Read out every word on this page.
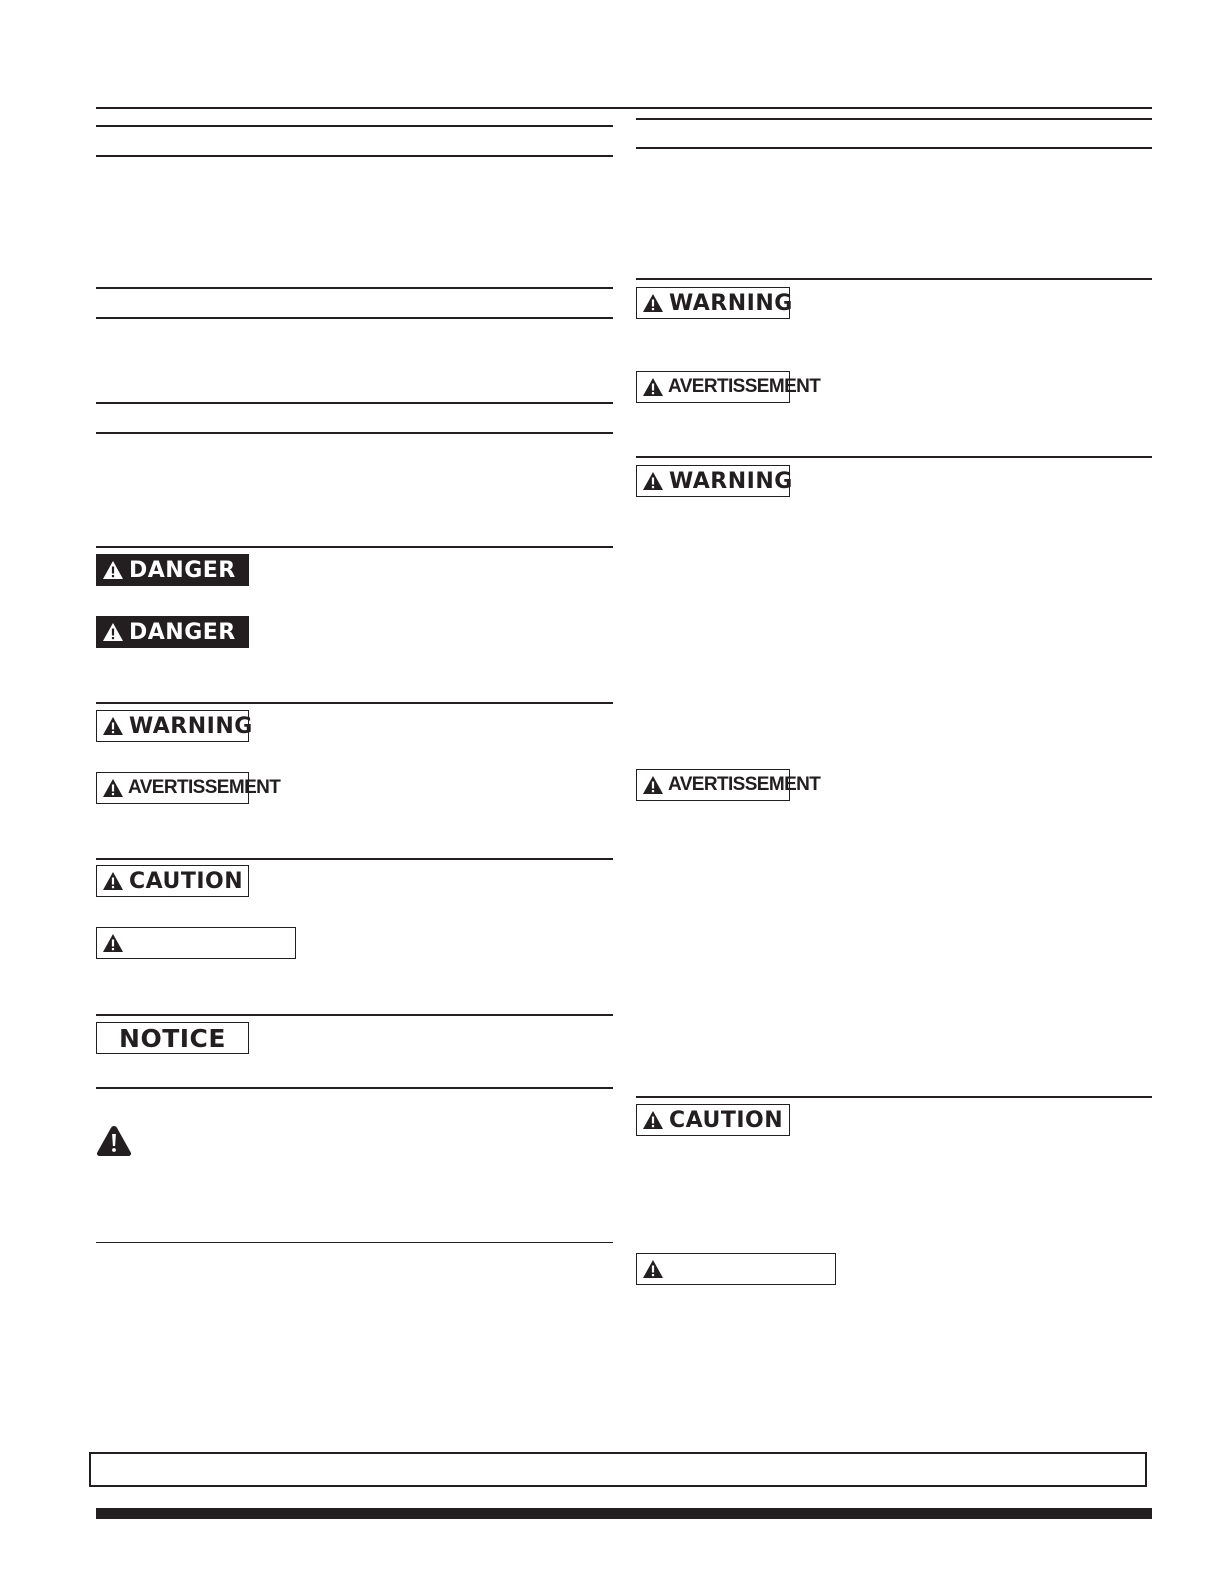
DANGER
DANGER
WARNING
AVERTISSEMENT
CAUTION
NOTICE
WARNING
AVERTISSEMENT
WARNING
AVERTISSEMENT
CAUTION
